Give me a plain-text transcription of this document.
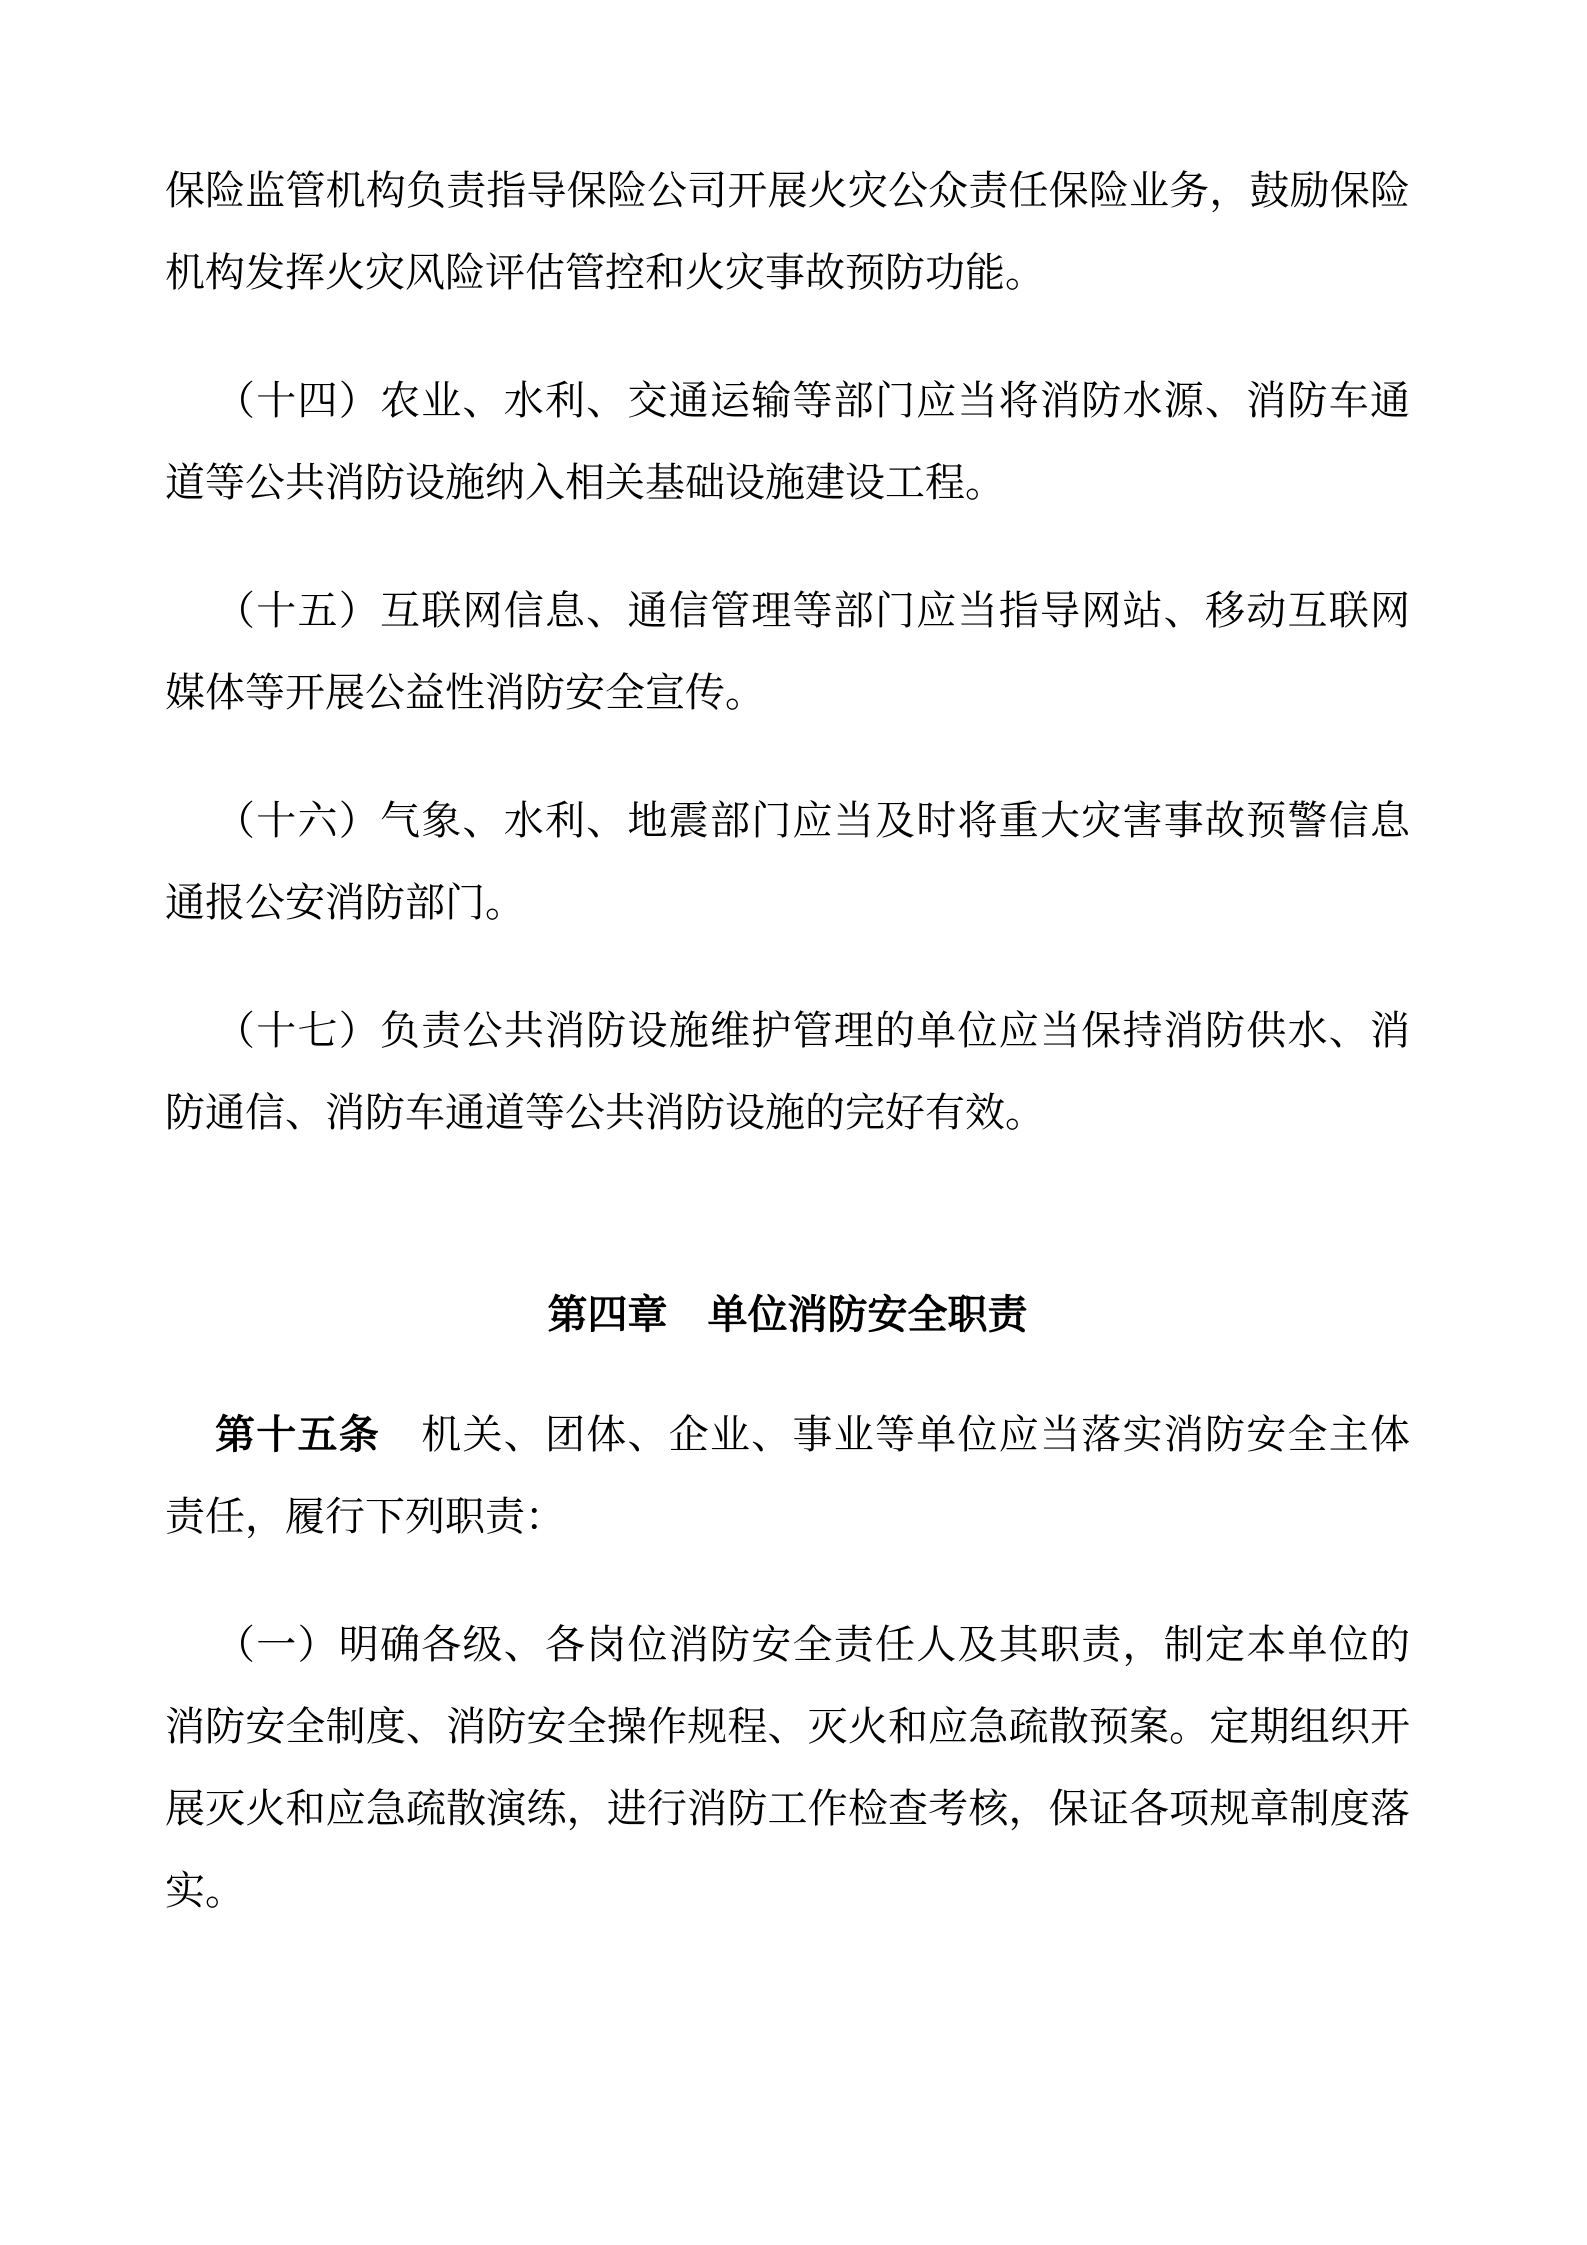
保险监管机构负责指导保险公司开展火灾公众责任保险业务，鼓励保险机构发挥火灾风险评估管控和火灾事故预防功能。

（十四）农业、水利、交通运输等部门应当将消防水源、消防车通道等公共消防设施纳入相关基础设施建设工程。

（十五）互联网信息、通信管理等部门应当指导网站、移动互联网媒体等开展公益性消防安全宣传。

（十六）气象、水利、地震部门应当及时将重大灾害事故预警信息通报公安消防部门。

（十七）负责公共消防设施维护管理的单位应当保持消防供水、消防通信、消防车通道等公共消防设施的完好有效。

第四章　单位消防安全职责

第十五条　机关、团体、企业、事业等单位应当落实消防安全主体责任，履行下列职责：

（一）明确各级、各岗位消防安全责任人及其职责，制定本单位的消防安全制度、消防安全操作规程、灭火和应急疏散预案。定期组织开展灭火和应急疏散演练，进行消防工作检查考核，保证各项规章制度落实。
